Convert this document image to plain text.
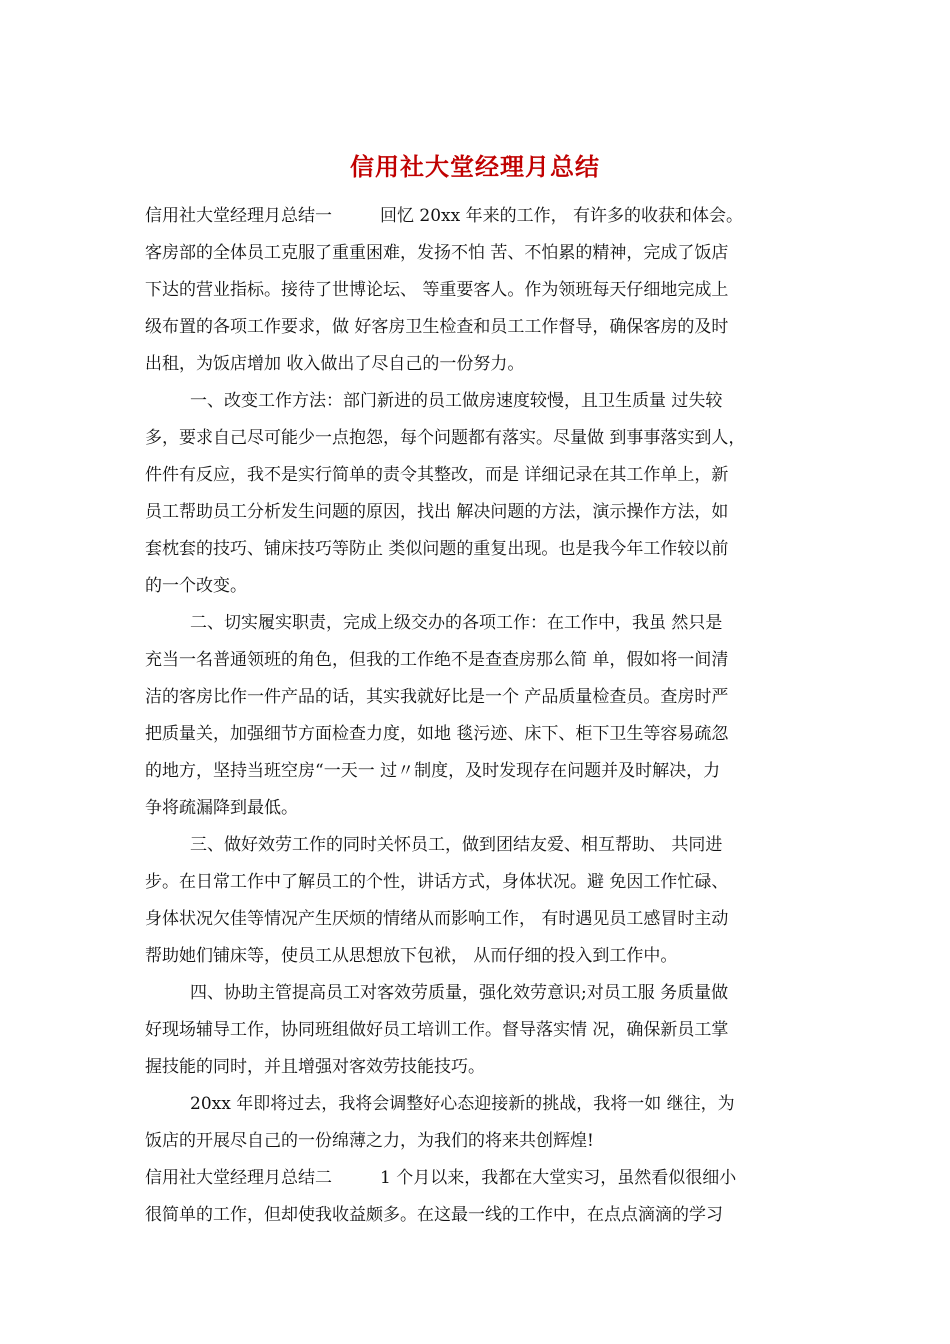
信用社大堂经理月总结
信用社大堂经理月总结一	回忆 20xx 年来的工作， 有许多的收获和体会。
客房部的全体员工克服了重重困难，发扬不怕 苦、不怕累的精神，完成了饭店
下达的营业指标。接待了世博论坛、 等重要客人。作为领班每天仔细地完成上
级布置的各项工作要求，做 好客房卫生检查和员工工作督导，确保客房的及时
出租，为饭店增加 收入做出了尽自己的一份努力。
一、改变工作方法：部门新进的员工做房速度较慢，且卫生质量 过失较
多，要求自己尽可能少一点抱怨，每个问题都有落实。尽量做 到事事落实到人，
件件有反应，我不是实行简单的责令其整改，而是 详细记录在其工作单上，新
员工帮助员工分析发生问题的原因，找出 解决问题的方法，演示操作方法，如
套枕套的技巧、铺床技巧等防止 类似问题的重复出现。也是我今年工作较以前
的一个改变。
二、切实履实职责，完成上级交办的各项工作：在工作中，我虽 然只是
充当一名普通领班的角色，但我的工作绝不是查查房那么简 单，假如将一间清
洁的客房比作一件产品的话，其实我就好比是一个 产品质量检查员。查房时严
把质量关，加强细节方面检查力度，如地 毯污迹、床下、柜下卫生等容易疏忽
的地方，坚持当班空房“一天一 过〃制度，及时发现存在问题并及时解决，力
争将疏漏降到最低。
三、做好效劳工作的同时关怀员工，做到团结友爱、相互帮助、 共同进
步。在日常工作中了解员工的个性，讲话方式，身体状况。避 免因工作忙碌、
身体状况欠佳等情况产生厌烦的情绪从而影响工作， 有时遇见员工感冒时主动
帮助她们铺床等，使员工从思想放下包袱， 从而仔细的投入到工作中。
四、协助主管提高员工对客效劳质量，强化效劳意识;对员工服 务质量做
好现场辅导工作，协同班组做好员工培训工作。督导落实情 况，确保新员工掌
握技能的同时，并且增强对客效劳技能技巧。
20xx 年即将过去，我将会调整好心态迎接新的挑战，我将一如 继往，为
饭店的开展尽自己的一份绵薄之力，为我们的将来共创辉煌!
信用社大堂经理月总结二	1 个月以来，我都在大堂实习，虽然看似很细小
很简单的工作，但却使我收益颇多。在这最一线的工作中，在点点滴滴的学习
